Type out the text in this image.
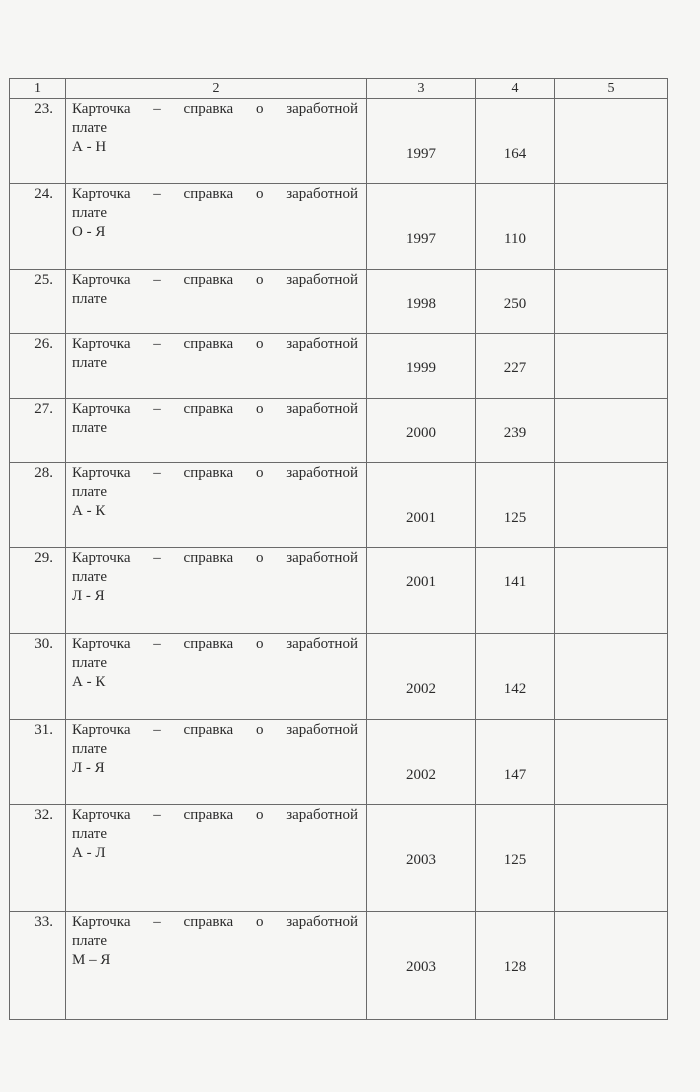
1	2	3	4	5
23.	Карточка – справка о заработной
плате
А - Н	1997	164	

24.	Карточка – справка о заработной
плате
О - Я	1997	110	

25.	Карточка – справка о заработной
плате	1998	250	

26.	Карточка – справка о заработной
плате	1999	227	

27.	Карточка – справка о заработной
плате	2000	239	

28.	Карточка – справка о заработной
плате
А - К	2001	125	

29.	Карточка – справка о заработной
плате
Л - Я	2001	141	

30.	Карточка – справка о заработной
плате
А - К	2002	142	

31.	Карточка – справка о заработной
плате
Л - Я	2002	147	

32.	Карточка – справка о заработной
плате
А - Л	2003	125	

33.	Карточка – справка о заработной
плате
М – Я	2003	128	
